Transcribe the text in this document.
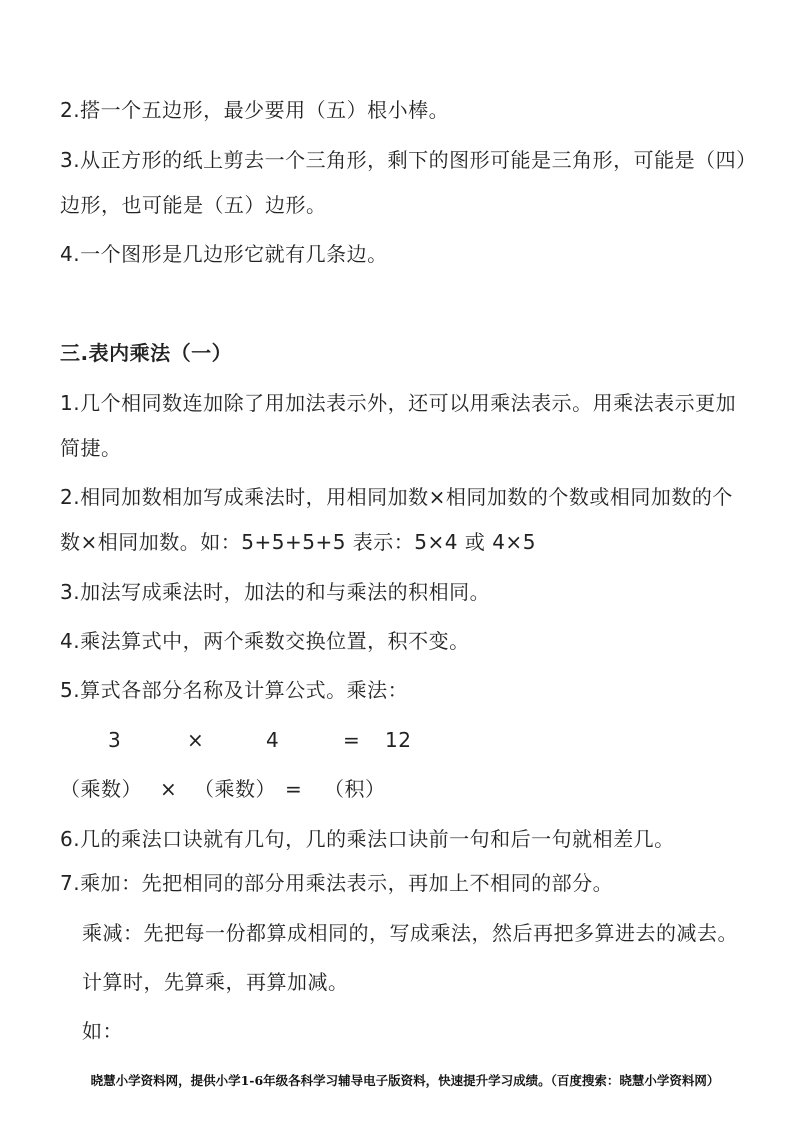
2.搭一个五边形，最少要用（五）根小棒。
3.从正方形的纸上剪去一个三角形，剩下的图形可能是三角形，可能是（四）
边形，也可能是（五）边形。
4.一个图形是几边形它就有几条边。
三.表内乘法（一）
1.几个相同数连加除了用加法表示外，还可以用乘法表示。用乘法表示更加
简捷。
2.相同加数相加写成乘法时，用相同加数×相同加数的个数或相同加数的个
数×相同加数。如：5+5+5+5 表示：5×4 或 4×5
3.加法写成乘法时，加法的和与乘法的积相同。
4.乘法算式中，两个乘数交换位置，积不变。
5.算式各部分名称及计算公式。乘法：
3	×	4	= 12
（乘数） × （乘数） = （积）
6.几的乘法口诀就有几句，几的乘法口诀前一句和后一句就相差几。
7.乘加：先把相同的部分用乘法表示，再加上不相同的部分。
乘减：先把每一份都算成相同的，写成乘法，然后再把多算进去的减去。
计算时，先算乘，再算加减。
如：
晓慧小学资料网，提供小学1-6年级各科学习辅导电子版资料，快速提升学习成绩。（百度搜索：晓慧小学资料网）
